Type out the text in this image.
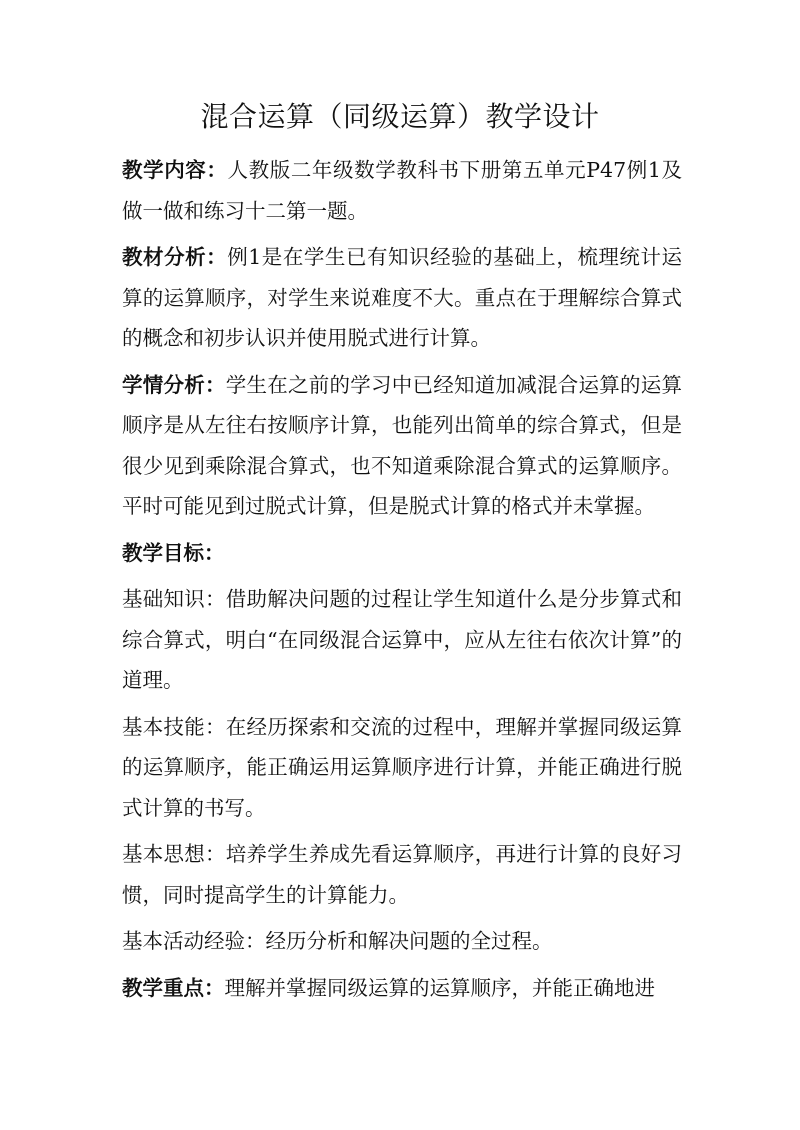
混合运算（同级运算）教学设计

教学内容：人教版二年级数学教科书下册第五单元P47例1及做一做和练习十二第一题。

教材分析：例1是在学生已有知识经验的基础上，梳理统计运算的运算顺序，对学生来说难度不大。重点在于理解综合算式的概念和初步认识并使用脱式进行计算。

学情分析：学生在之前的学习中已经知道加减混合运算的运算顺序是从左往右按顺序计算，也能列出简单的综合算式，但是很少见到乘除混合算式，也不知道乘除混合算式的运算顺序。平时可能见到过脱式计算，但是脱式计算的格式并未掌握。

教学目标：

基础知识：借助解决问题的过程让学生知道什么是分步算式和综合算式，明白“在同级混合运算中，应从左往右依次计算”的道理。

基本技能：在经历探索和交流的过程中，理解并掌握同级运算的运算顺序，能正确运用运算顺序进行计算，并能正确进行脱式计算的书写。

基本思想：培养学生养成先看运算顺序，再进行计算的良好习惯，同时提高学生的计算能力。

基本活动经验：经历分析和解决问题的全过程。

教学重点：理解并掌握同级运算的运算顺序，并能正确地进
